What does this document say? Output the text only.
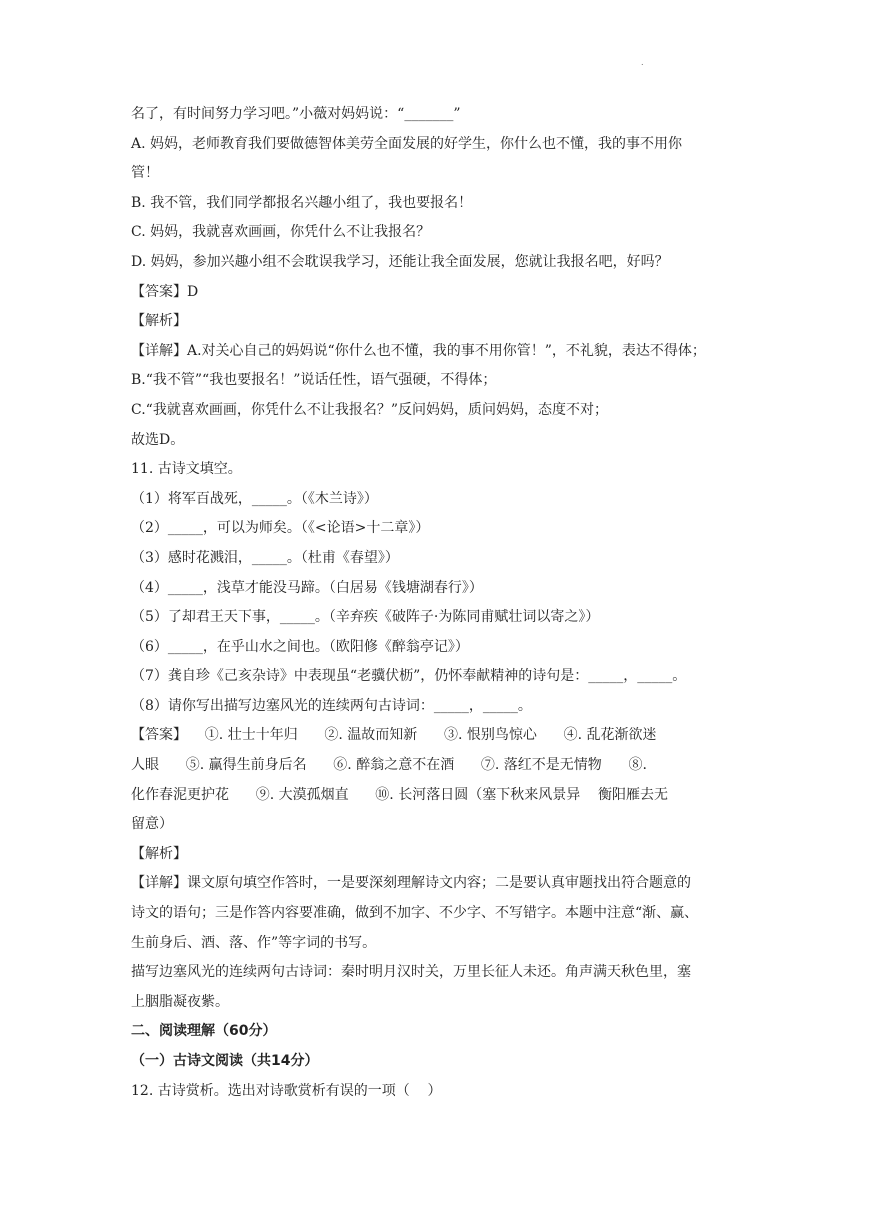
.
名了，有时间努力学习吧。”小薇对妈妈说：“_______”
A. 妈妈，老师教育我们要做德智体美劳全面发展的好学生，你什么也不懂，我的事不用你
管！
B. 我不管，我们同学都报名兴趣小组了，我也要报名！
C. 妈妈，我就喜欢画画，你凭什么不让我报名？
D. 妈妈，参加兴趣小组不会耽误我学习，还能让我全面发展，您就让我报名吧，好吗？
【答案】D
【解析】
【详解】A.对关心自己的妈妈说“你什么也不懂，我的事不用你管！”，不礼貌，表达不得体；
B.“我不管”“我也要报名！”说话任性，语气强硬，不得体；
C.“我就喜欢画画，你凭什么不让我报名？”反问妈妈，质问妈妈，态度不对；
故选D。
11. 古诗文填空。
（1）将军百战死，_____。（《木兰诗》）
（2）_____，可以为师矣。（《<论语>十二章》）
（3）感时花溅泪，_____。（杜甫《春望》）
（4）_____，浅草才能没马蹄。（白居易《钱塘湖春行》）
（5）了却君王天下事，_____。（辛弃疾《破阵子·为陈同甫赋壮词以寄之》）
（6）_____，在乎山水之间也。（欧阳修《醉翁亭记》）
（7）龚自珍《己亥杂诗》中表现虽“老骥伏枥”，仍怀奉献精神的诗句是：_____，_____。
（8）请你写出描写边塞风光的连续两句古诗词：_____，_____。
【答案】    ①. 壮士十年归      ②. 温故而知新      ③. 恨别鸟惊心      ④. 乱花渐欲迷
人眼      ⑤. 赢得生前身后名      ⑥. 醉翁之意不在酒      ⑦. 落红不是无情物      ⑧.
化作春泥更护花      ⑨. 大漠孤烟直      ⑩. 长河落日圆（塞下秋来风景异    衡阳雁去无
留意）
【解析】
【详解】课文原句填空作答时，一是要深刻理解诗文内容；二是要认真审题找出符合题意的
诗文的语句；三是作答内容要准确，做到不加字、不少字、不写错字。本题中注意“渐、赢、
生前身后、酒、落、作”等字词的书写。
描写边塞风光的连续两句古诗词：秦时明月汉时关，万里长征人未还。角声满天秋色里，塞
上胭脂凝夜紫。
二、阅读理解（60分）
（一）古诗文阅读（共14分）
12. 古诗赏析。选出对诗歌赏析有误的一项（    ）
